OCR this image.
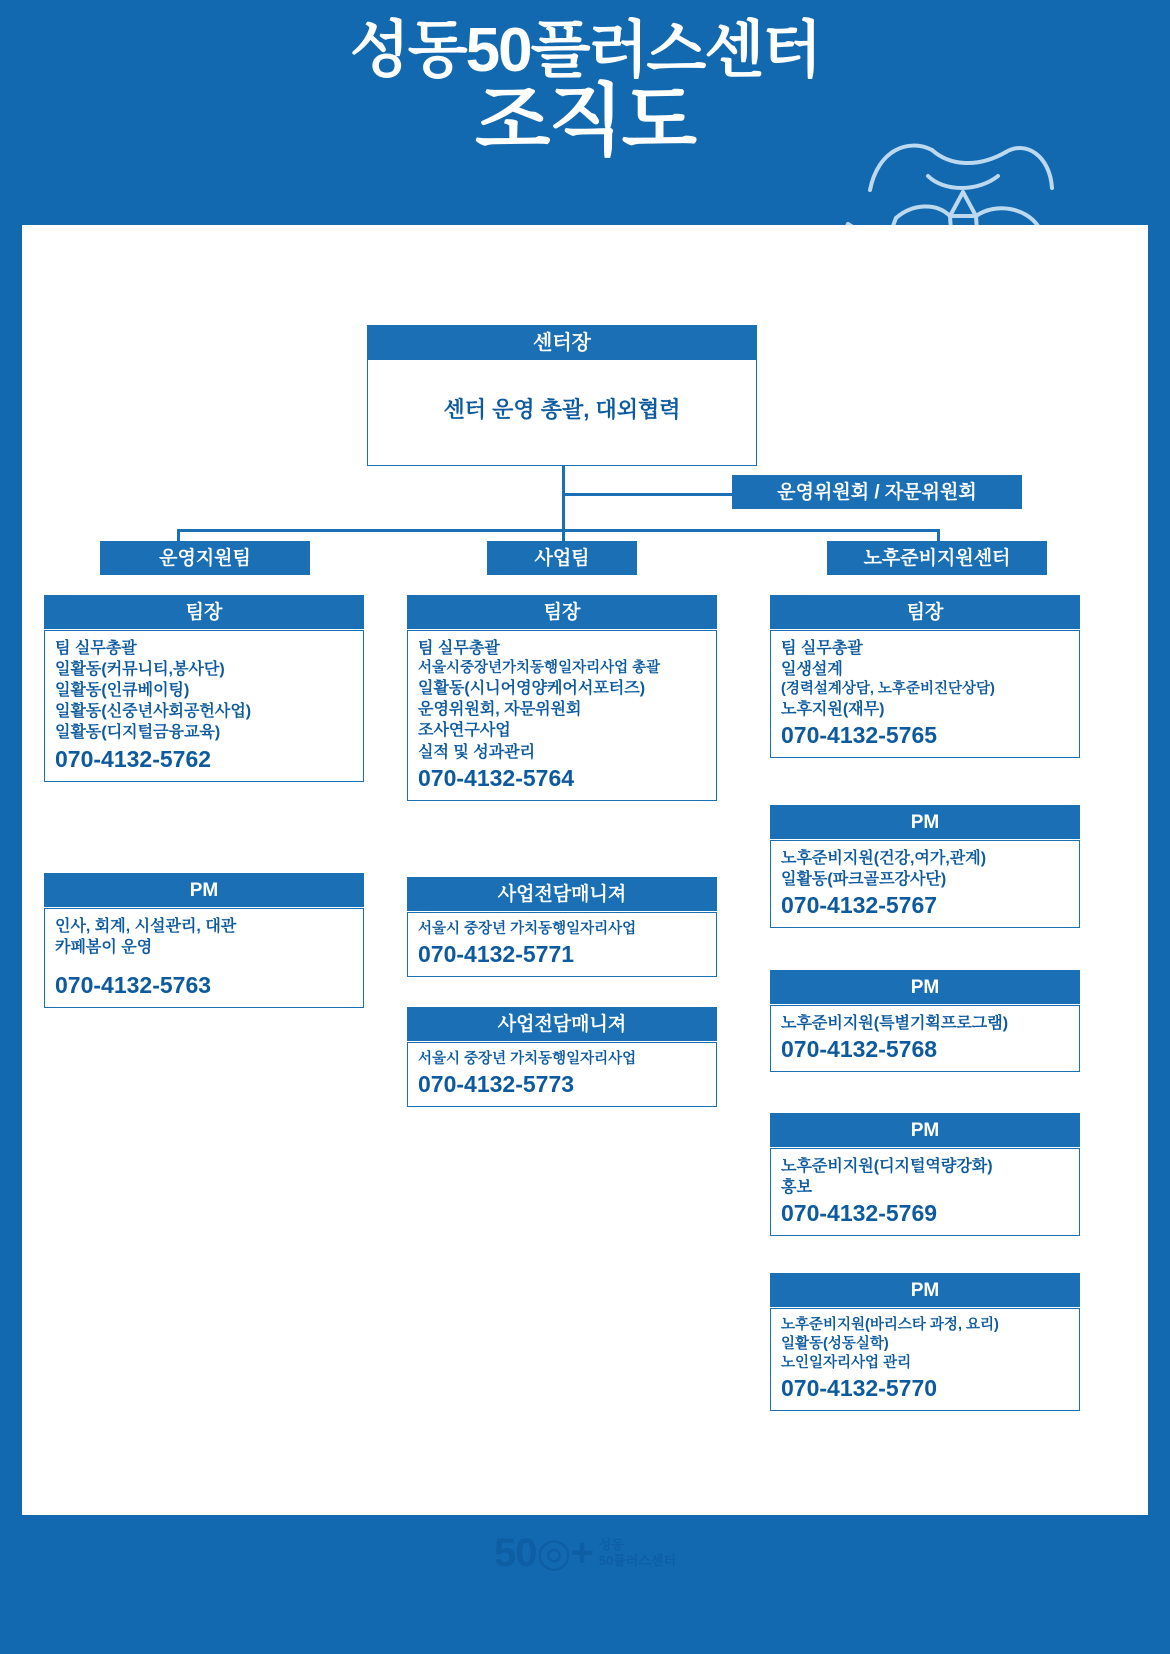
성동50플러스센터
조직도
센터장
센터 운영 총괄, 대외협력
운영위원회 / 자문위원회
운영지원팀
팀장
팀 실무총괄
일활동(커뮤니티,봉사단)
일활동(인큐베이팅)
일활동(신중년사회공헌사업)
일활동(디지털금융교육)
070-4132-5762
PM
인사, 회계, 시설관리, 대관
카페봄이 운영
070-4132-5763
사업팀
팀장
팀 실무총괄
서울시중장년가치동행일자리사업 총괄
일활동(시니어영양케어서포터즈)
운영위원회, 자문위원회
조사연구사업
실적 및 성과관리
070-4132-5764
사업전담매니져
서울시 중장년 가치동행일자리사업
070-4132-5771
사업전담매니져
서울시 중장년 가치동행일자리사업
070-4132-5773
노후준비지원센터
팀장
팀 실무총괄
일생설계
(경력설계상담, 노후준비진단상담)
노후지원(재무)
070-4132-5765
PM
노후준비지원(건강,여가,관계)
일활동(파크골프강사단)
070-4132-5767
PM
노후준비지원(특별기획프로그램)
070-4132-5768
PM
노후준비지원(디지털역량강화)
홍보
070-4132-5769
PM
노후준비지원(바리스타 과정, 요리)
일활동(성동실학)
노인일자리사업 관리
070-4132-5770
50◎+ 성동
50플러스센터
